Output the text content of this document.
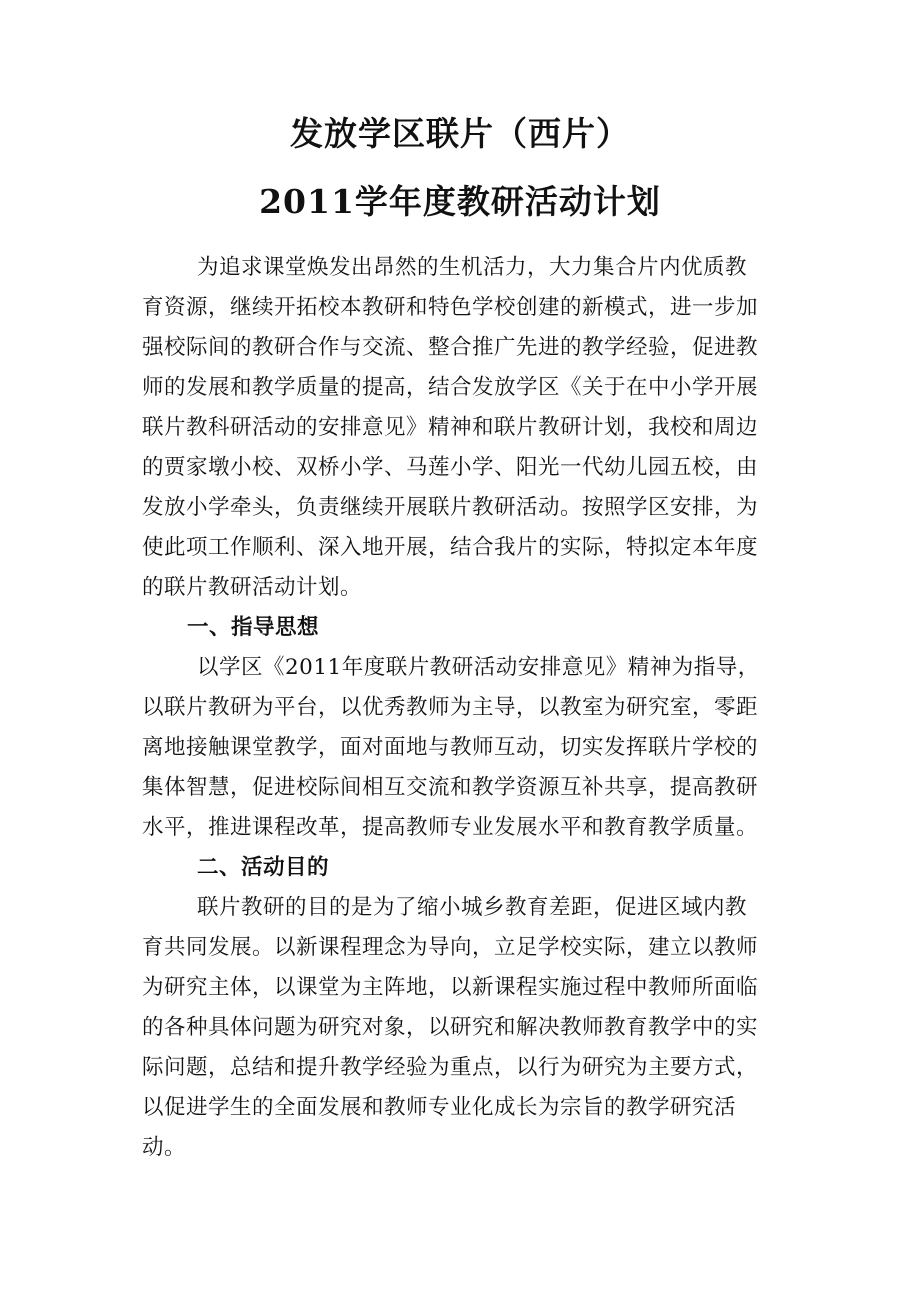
发放学区联片（西片）
2011学年度教研活动计划
为追求课堂焕发出昂然的生机活力，大力集合片内优质教
育资源，继续开拓校本教研和特色学校创建的新模式，进一步加
强校际间的教研合作与交流、整合推广先进的教学经验，促进教
师的发展和教学质量的提高，结合发放学区《关于在中小学开展
联片教科研活动的安排意见》精神和联片教研计划，我校和周边
的贾家墩小校、双桥小学、马莲小学、阳光一代幼儿园五校，由
发放小学牵头，负责继续开展联片教研活动。按照学区安排，为
使此项工作顺利、深入地开展，结合我片的实际，特拟定本年度
的联片教研活动计划。
一、指导思想
以学区《2011年度联片教研活动安排意见》精神为指导，
以联片教研为平台，以优秀教师为主导，以教室为研究室，零距
离地接触课堂教学，面对面地与教师互动，切实发挥联片学校的
集体智慧，促进校际间相互交流和教学资源互补共享，提高教研
水平，推进课程改革，提高教师专业发展水平和教育教学质量。
二、活动目的
联片教研的目的是为了缩小城乡教育差距，促进区域内教
育共同发展。以新课程理念为导向，立足学校实际，建立以教师
为研究主体，以课堂为主阵地，以新课程实施过程中教师所面临
的各种具体问题为研究对象，以研究和解决教师教育教学中的实
际问题，总结和提升教学经验为重点，以行为研究为主要方式，
以促进学生的全面发展和教师专业化成长为宗旨的教学研究活
动。
